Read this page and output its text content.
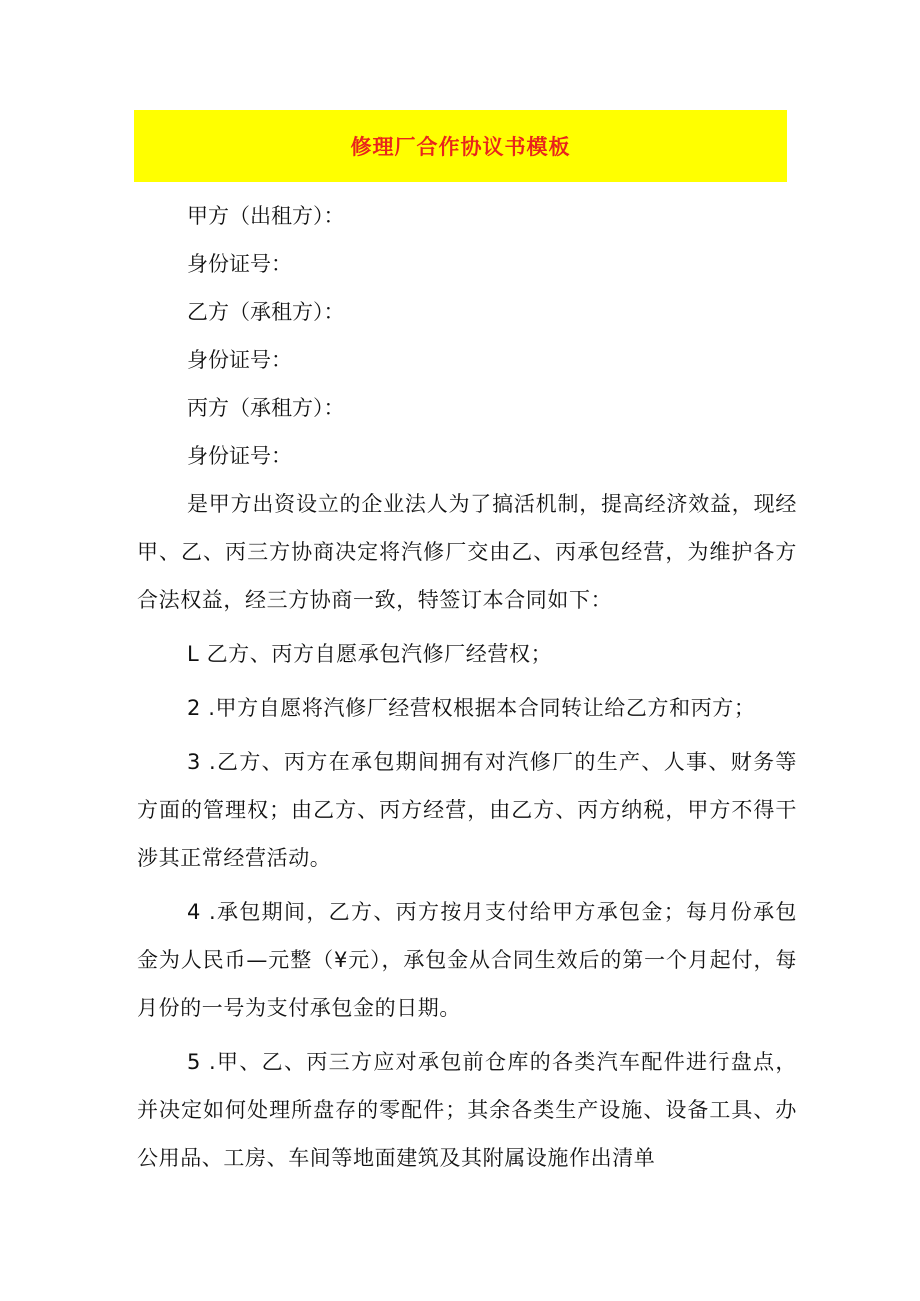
修理厂合作协议书模板

甲方（出租方）：

身份证号：

乙方（承租方）：

身份证号：

丙方（承租方）：

身份证号：

是甲方出资设立的企业法人为了搞活机制，提高经济效益，现经甲、乙、丙三方协商决定将汽修厂交由乙、丙承包经营，为维护各方合法权益，经三方协商一致，特签订本合同如下：

L 乙方、丙方自愿承包汽修厂经营权；

2 .甲方自愿将汽修厂经营权根据本合同转让给乙方和丙方；

3 .乙方、丙方在承包期间拥有对汽修厂的生产、人事、财务等方面的管理权；由乙方、丙方经营，由乙方、丙方纳税，甲方不得干涉其正常经营活动。

4 .承包期间，乙方、丙方按月支付给甲方承包金；每月份承包金为人民币—元整（¥元），承包金从合同生效后的第一个月起付，每月份的一号为支付承包金的日期。

5 .甲、乙、丙三方应对承包前仓库的各类汽车配件进行盘点，并决定如何处理所盘存的零配件；其余各类生产设施、设备工具、办公用品、工房、车间等地面建筑及其附属设施作出清单
